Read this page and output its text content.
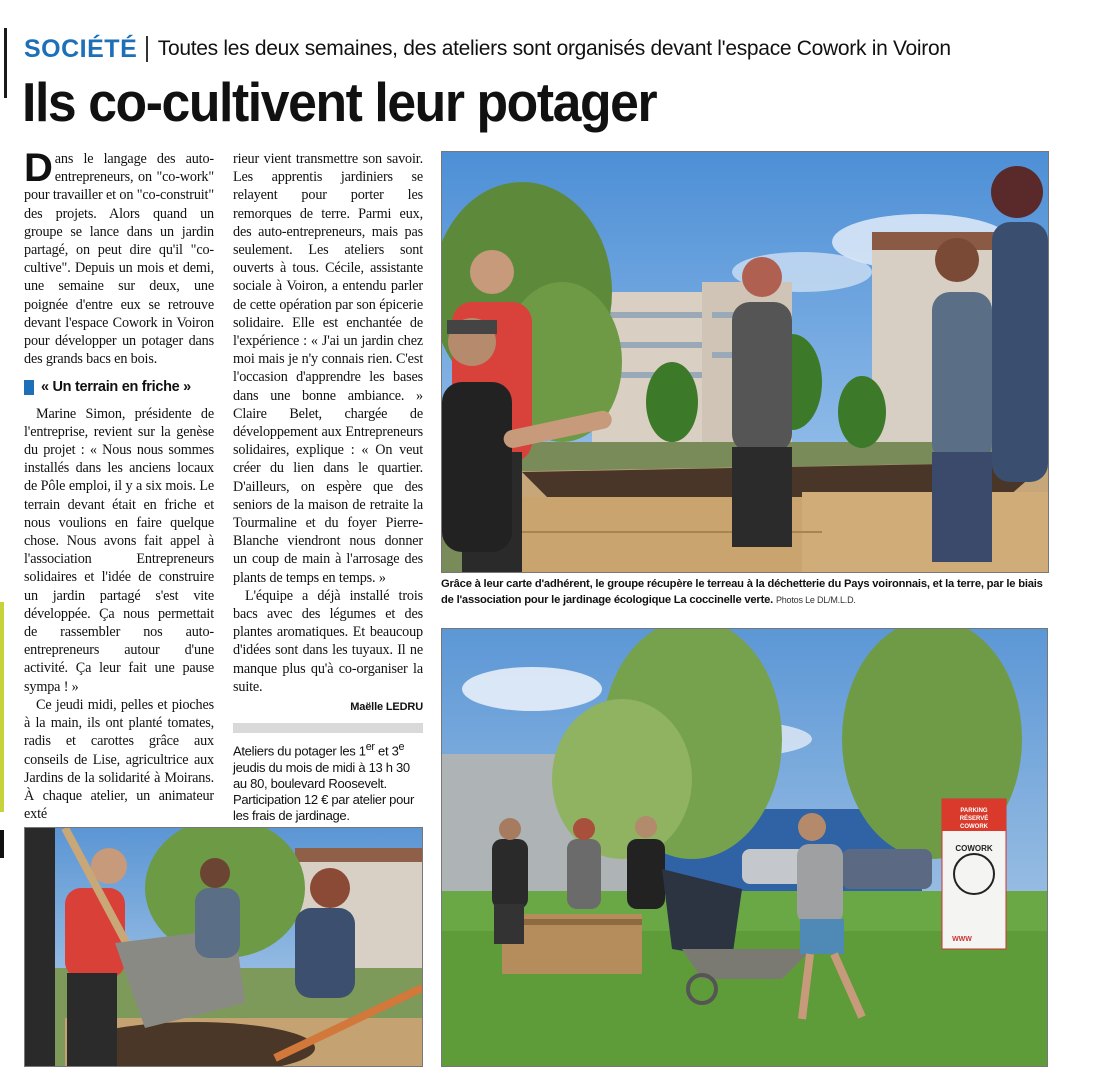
SOCIÉTÉ Toutes les deux semaines, des ateliers sont organisés devant l'espace Cowork in Voiron
Ils co-cultivent leur potager

Dans le langage des auto-entrepreneurs, on "co-work" pour travailler et on "co-construit" des projets. Alors quand un groupe se lance dans un jardin partagé, on peut dire qu'il "co-cultive". Depuis un mois et demi, une semaine sur deux, une poignée d'entre eux se retrouve devant l'espace Cowork in Voiron pour développer un potager dans des grands bacs en bois.

« Un terrain en friche »

Marine Simon, présidente de l'entreprise, revient sur la genèse du projet : « Nous nous sommes installés dans les anciens locaux de Pôle emploi, il y a six mois. Le terrain devant était en friche et nous voulions en faire quelque chose. Nous avons fait appel à l'association Entrepreneurs solidaires et l'idée de construire un jardin partagé s'est vite développée. Ça nous permettait de rassembler nos auto-entrepreneurs autour d'une activité. Ça leur fait une pause sympa ! »

Ce jeudi midi, pelles et pioches à la main, ils ont planté tomates, radis et carottes grâce aux conseils de Lise, agricultrice aux Jardins de la solidarité à Moirans. À chaque atelier, un animateur exté

rieur vient transmettre son savoir. Les apprentis jardiniers se relayent pour porter les remorques de terre. Parmi eux, des auto-entrepreneurs, mais pas seulement. Les ateliers sont ouverts à tous. Cécile, assistante sociale à Voiron, a entendu parler de cette opération par son épicerie solidaire. Elle est enchantée de l'expérience : « J'ai un jardin chez moi mais je n'y connais rien. C'est l'occasion d'apprendre les bases dans une bonne ambiance. » Claire Belet, chargée de développement aux Entrepreneurs solidaires, explique : « On veut créer du lien dans le quartier. D'ailleurs, on espère que des seniors de la maison de retraite la Tourmaline et du foyer Pierre-Blanche viendront nous donner un coup de main à l'arrosage des plants de temps en temps. »

L'équipe a déjà installé trois bacs avec des légumes et des plantes aromatiques. Et beaucoup d'idées sont dans les tuyaux. Il ne manque plus qu'à co-organiser la suite.

Maëlle LEDRU
Ateliers du potager les 1er et 3e jeudis du mois de midi à 13 h 30 au 80, boulevard Roosevelt. Participation 12 € par atelier pour les frais de jardinage.
Grâce à leur carte d'adhérent, le groupe récupère le terreau à la déchetterie du Pays voironnais, et la terre, par le biais de l'association pour le jardinage écologique La coccinelle verte. Photos Le DL/M.L.D.
PARKING
RÉSERVÉ
COWORK
COWORK
WWW
